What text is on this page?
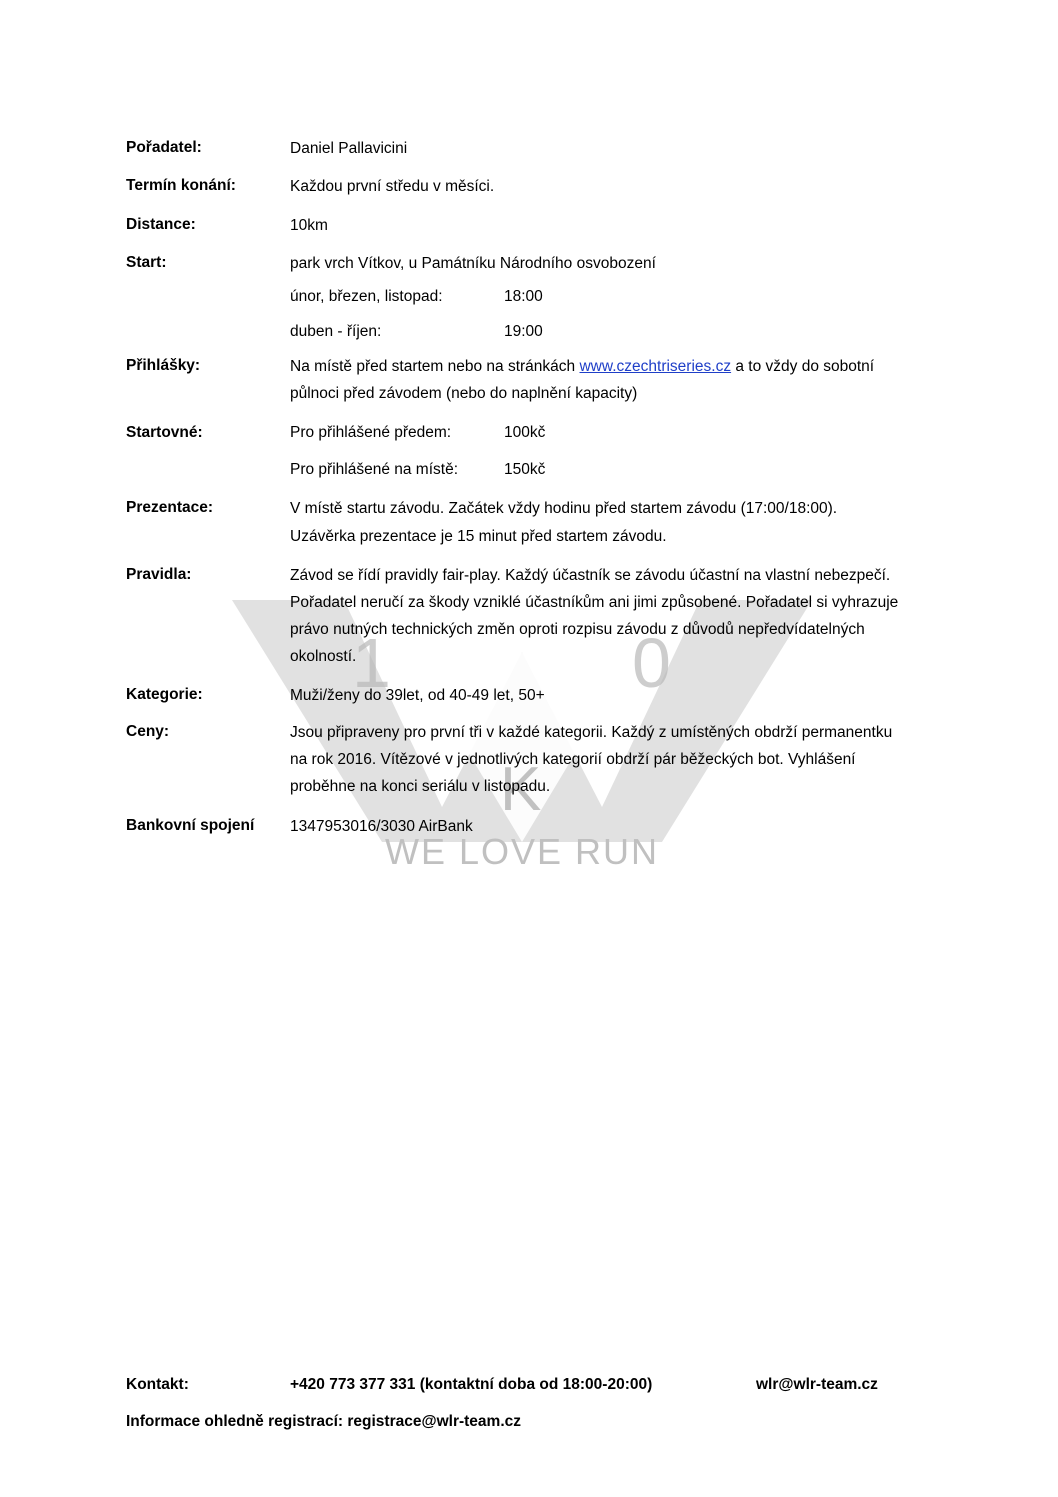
1	0
K
WE LOVE RUN
Pořadatel:	Daniel Pallavicini
Termín konání:	Každou první středu v měsíci.
Distance:	10km
Start:	park vrch Vítkov, u Památníku Národního osvobození
únor, březen, listopad:	18:00
duben - říjen:	19:00
Přihlášky:	Na místě před startem nebo na stránkách www.czechtriseries.cz a to vždy do sobotní půlnoci před závodem (nebo do naplnění kapacity)
Startovné:	Pro přihlášené předem:	100kč
Pro přihlášené na místě:	150kč
Prezentace:	V místě startu závodu. Začátek vždy hodinu před startem závodu (17:00/18:00).
Uzávěrka prezentace je 15 minut před startem závodu.
Pravidla:	Závod se řídí pravidly fair-play. Každý účastník se závodu účastní na vlastní nebezpečí. Pořadatel neručí za škody vzniklé účastníkům ani jimi způsobené. Pořadatel si vyhrazuje právo nutných technických změn oproti rozpisu závodu z důvodů nepředvídatelných okolností.
Kategorie:	Muži/ženy do 39let, od 40-49 let, 50+
Ceny:	Jsou připraveny pro první tři v každé kategorii. Každý z umístěných obdrží permanentku na rok 2016. Vítězové v jednotlivých kategorií obdrží pár běžeckých bot. Vyhlášení proběhne na konci seriálu v listopadu.
Bankovní spojení 1347953016/3030 AirBank
Kontakt:	+420 773 377 331 (kontaktní doba od 18:00-20:00)	wlr@wlr-team.cz
Informace ohledně registrací: registrace@wlr-team.cz
